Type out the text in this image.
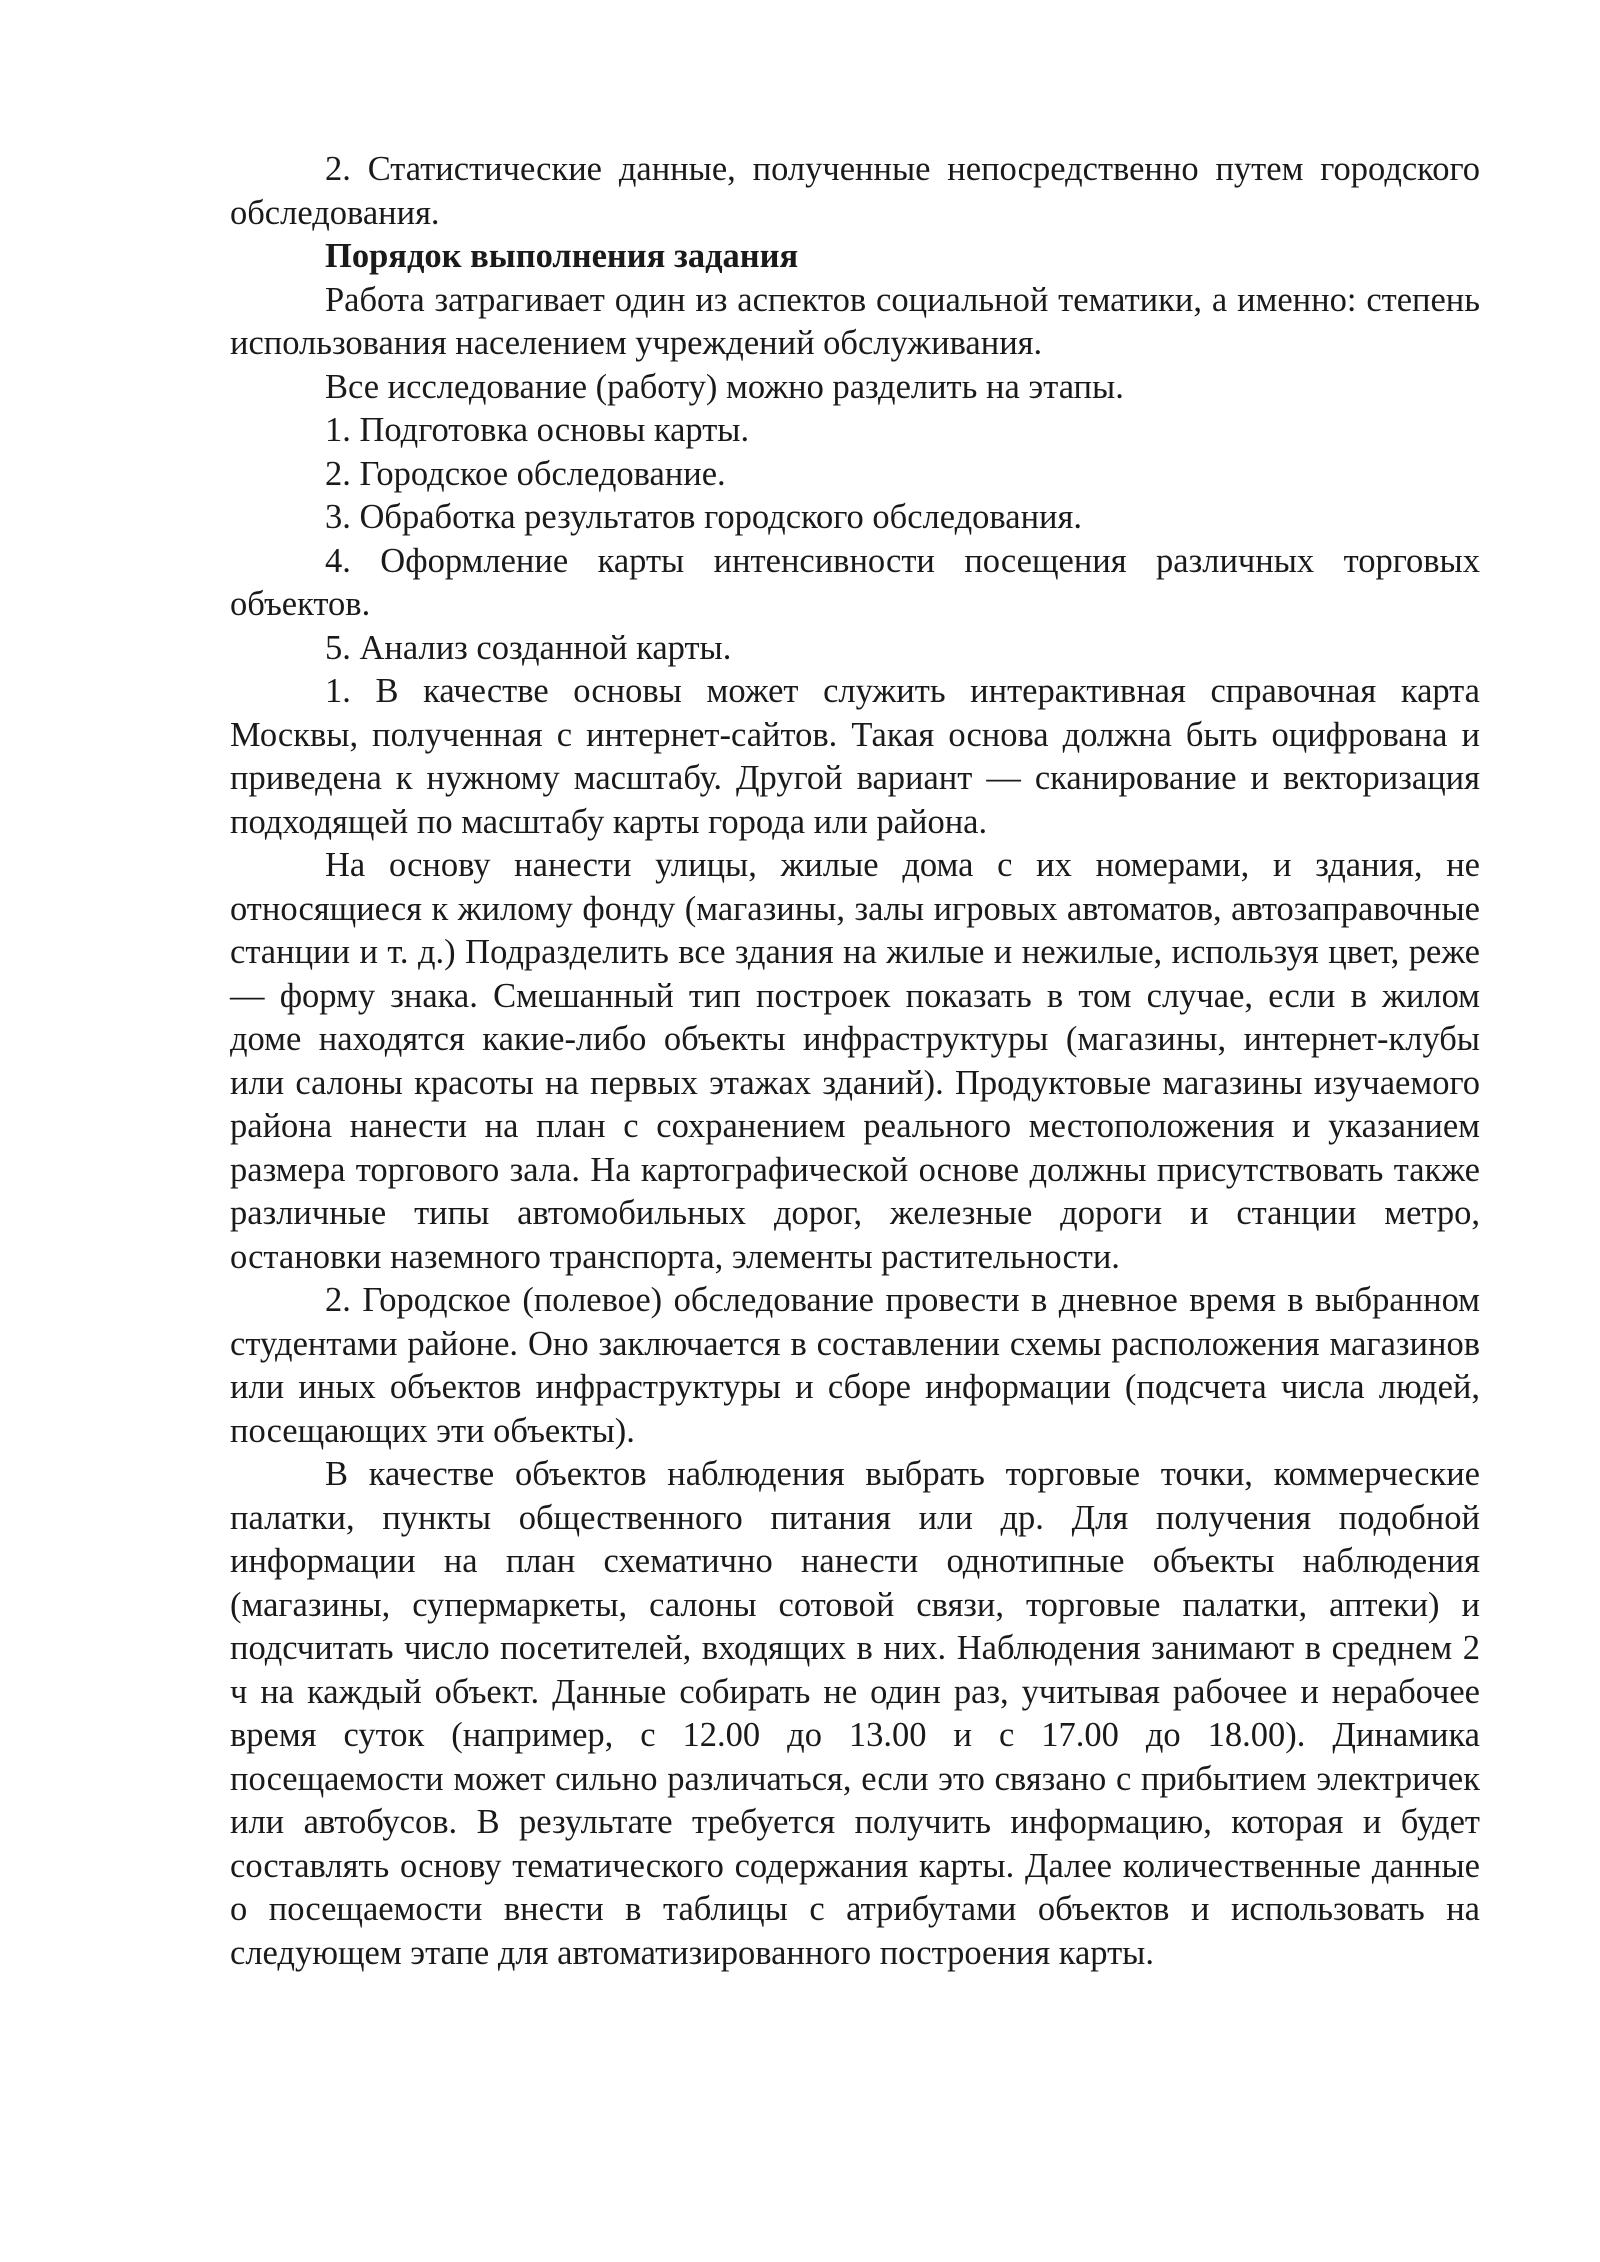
2. Статистические данные, полученные непосредственно путем городского обследования.

Порядок выполнения задания

Работа затрагивает один из аспектов социальной тематики, а именно: степень использования населением учреждений обслуживания.

Все исследование (работу) можно разделить на этапы.

1. Подготовка основы карты.

2. Городское обследование.

3. Обработка результатов городского обследования.

4. Оформление карты интенсивности посещения различных торговых объектов.

5. Анализ созданной карты.

1. В качестве основы может служить интерактивная справочная карта Москвы, полученная с интернет-сайтов. Такая основа должна быть оцифрована и приведена к нужному масштабу. Другой вариант — сканирование и векторизация подходящей по масштабу карты города или района.

На основу нанести улицы, жилые дома с их номерами, и здания, не относящиеся к жилому фонду (магазины, залы игровых автоматов, автозаправочные станции и т. д.) Подразделить все здания на жилые и нежилые, используя цвет, реже — форму знака. Смешанный тип построек показать в том случае, если в жилом доме находятся какие-либо объекты инфраструктуры (магазины, интернет-клубы или салоны красоты на первых этажах зданий). Продуктовые магазины изучаемого района нанести на план с сохранением реального местоположения и указанием размера торгового зала. На картографической основе должны присутствовать также различные типы автомобильных дорог, железные дороги и станции метро, остановки наземного транспорта, элементы растительности.

2. Городское (полевое) обследование провести в дневное время в выбранном студентами районе. Оно заключается в составлении схемы расположения магазинов или иных объектов инфраструктуры и сборе информации (подсчета числа людей, посещающих эти объекты).

В качестве объектов наблюдения выбрать торговые точки, коммерческие палатки, пункты общественного питания или др. Для получения подобной информации на план схематично нанести однотипные объекты наблюдения (магазины, супермаркеты, салоны сотовой связи, торговые палатки, аптеки) и подсчитать число посетителей, входящих в них. Наблюдения занимают в среднем 2 ч на каждый объект. Данные собирать не один раз, учитывая рабочее и нерабочее время суток (например, с 12.00 до 13.00 и с 17.00 до 18.00). Динамика посещаемости может сильно различаться, если это связано с прибытием электричек или автобусов. В результате требуется получить информацию, которая и будет составлять основу тематического содержания карты. Далее количественные данные о посещаемости внести в таблицы с атрибутами объектов и использовать на следующем этапе для автоматизированного построения карты.
